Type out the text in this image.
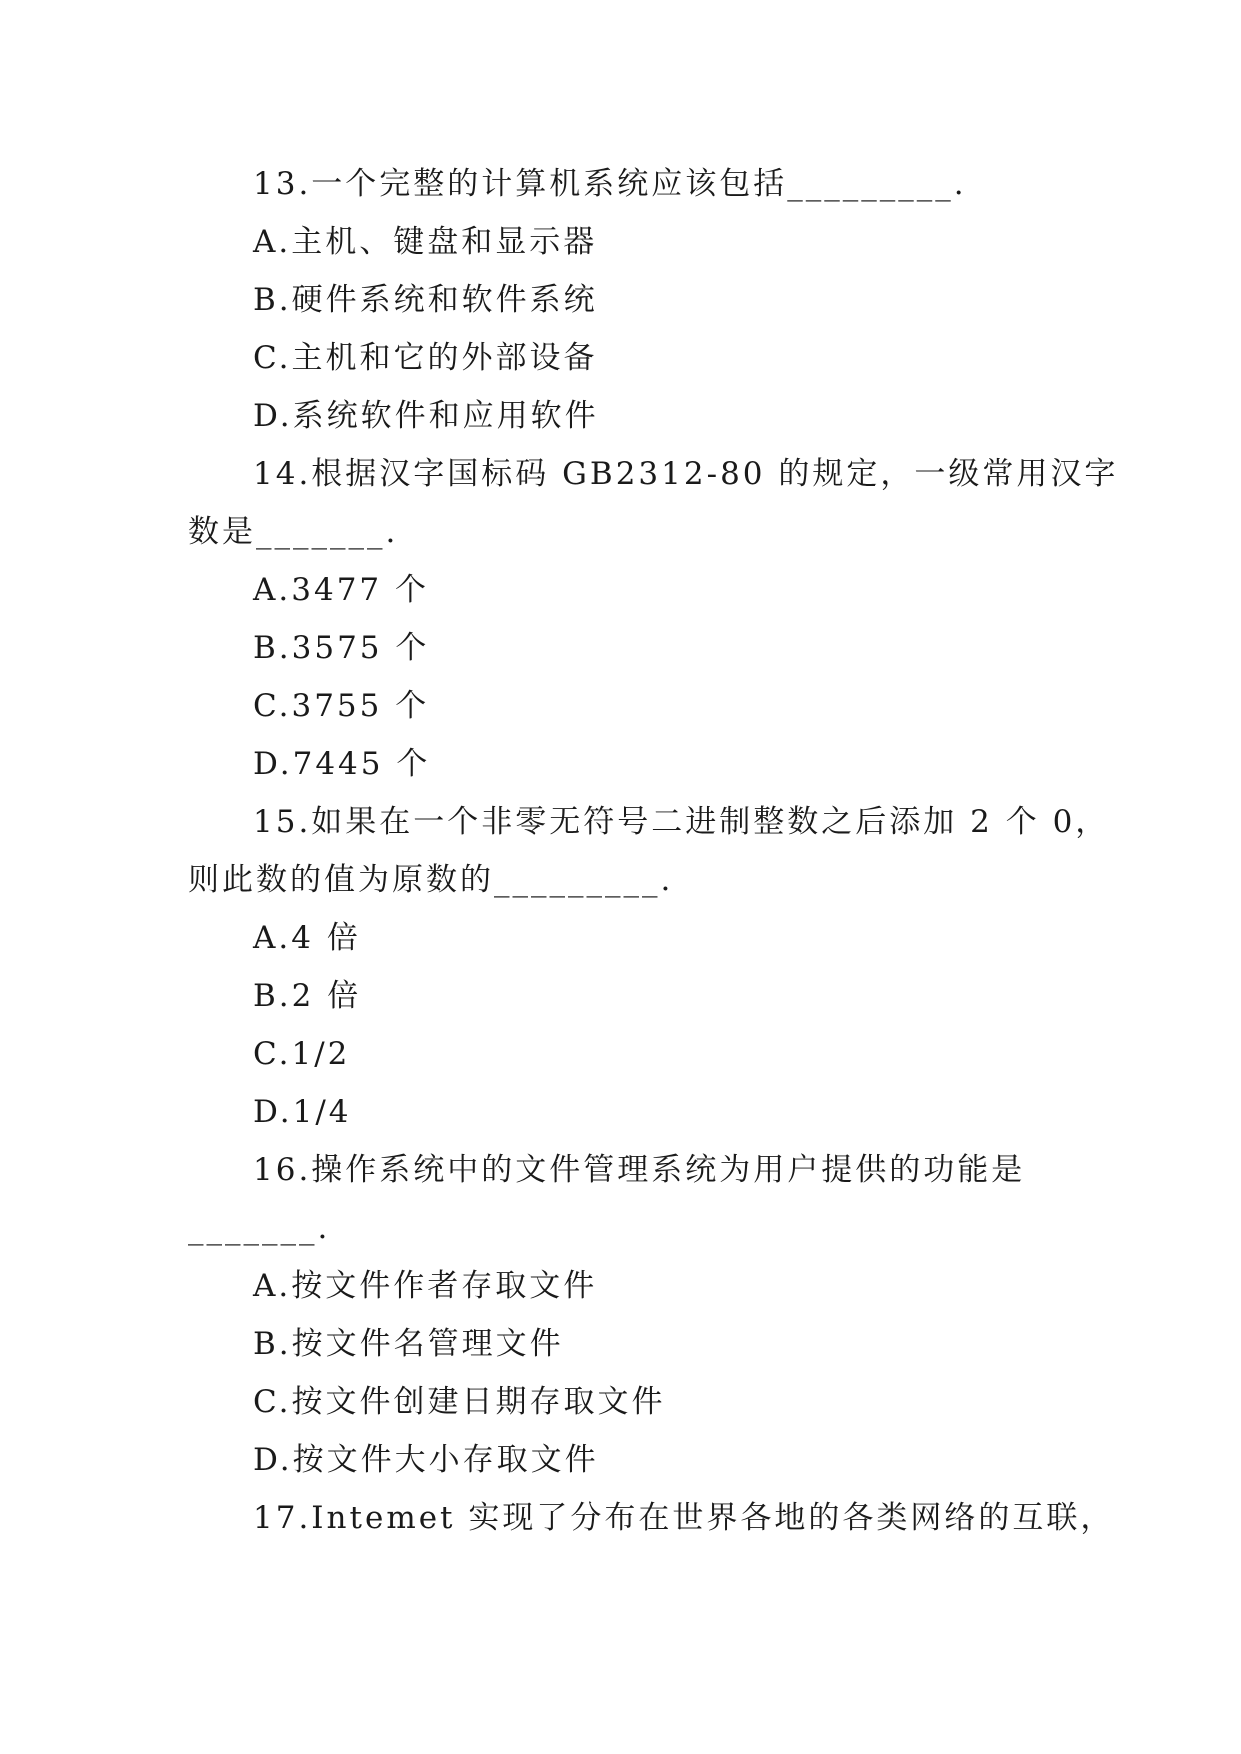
13.一个完整的计算机系统应该包括_________.
A.主机、键盘和显示器
B.硬件系统和软件系统
C.主机和它的外部设备
D.系统软件和应用软件
14.根据汉字国标码 GB2312-80 的规定，一级常用汉字
数是_______.
A.3477 个
B.3575 个
C.3755 个
D.7445 个
15.如果在一个非零无符号二进制整数之后添加 2 个 0，
则此数的值为原数的_________.
A.4 倍
B.2 倍
C.1/2
D.1/4
16.操作系统中的文件管理系统为用户提供的功能是
_______.
A.按文件作者存取文件
B.按文件名管理文件
C.按文件创建日期存取文件
D.按文件大小存取文件
17.Intemet 实现了分布在世界各地的各类网络的互联，
